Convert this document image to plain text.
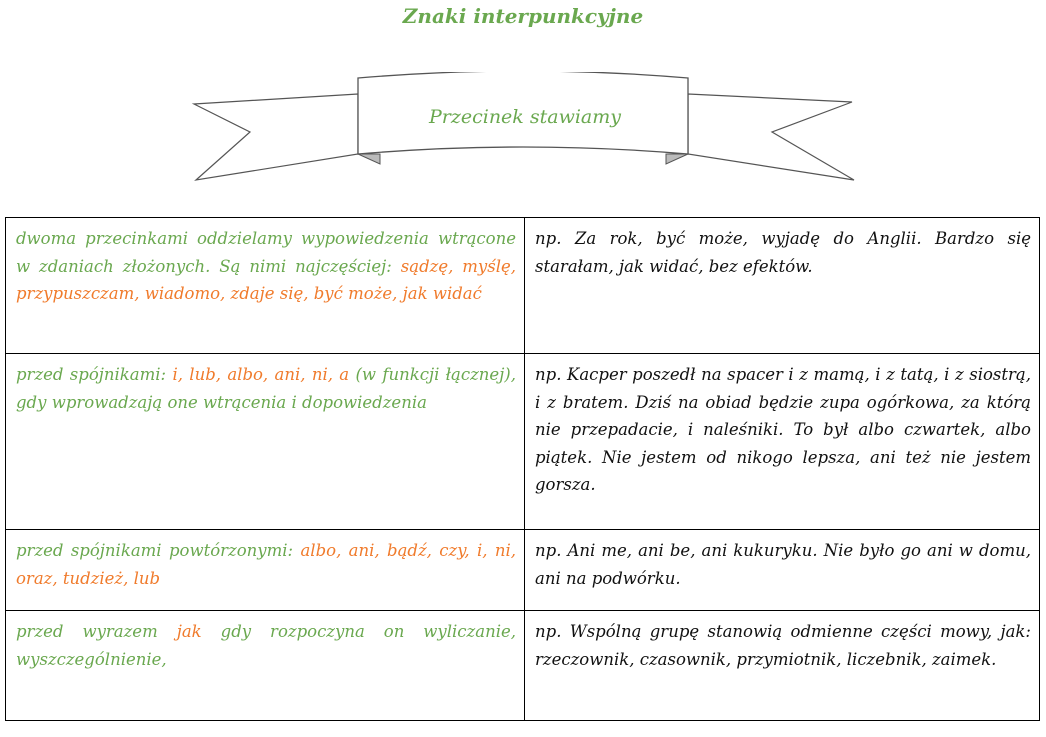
Znaki interpunkcyjne
Przecinek stawiamy
dwoma przecinkami oddzielamy wypowiedzenia wtrącone w zdaniach złożonych. Są nimi najczęściej: sądzę, myślę, przypuszczam, wiadomo, zdaje się, być może, jak widać	np. Za rok, być może, wyjadę do Anglii. Bardzo się starałam, jak widać, bez efektów.
przed spójnikami: i, lub, albo, ani, ni, a (w funkcji łącznej), gdy wprowadzają one wtrącenia i dopowiedzenia	np. Kacper poszedł na spacer i z mamą, i z tatą, i z siostrą, i z bratem. Dziś na obiad będzie zupa ogórkowa, za którą nie przepadacie, i naleśniki. To był albo czwartek, albo piątek. Nie jestem od nikogo lepsza, ani też nie jestem gorsza.
przed spójnikami powtórzonymi: albo, ani, bądź, czy, i, ni, oraz, tudzież, lub	np. Ani me, ani be, ani kukuryku. Nie było go ani w domu, ani na podwórku.
przed wyrazem jak gdy rozpoczyna on wyliczanie, wyszczególnienie,	np. Wspólną grupę stanowią odmienne części mowy, jak: rzeczownik, czasownik, przymiotnik, liczebnik, zaimek.
